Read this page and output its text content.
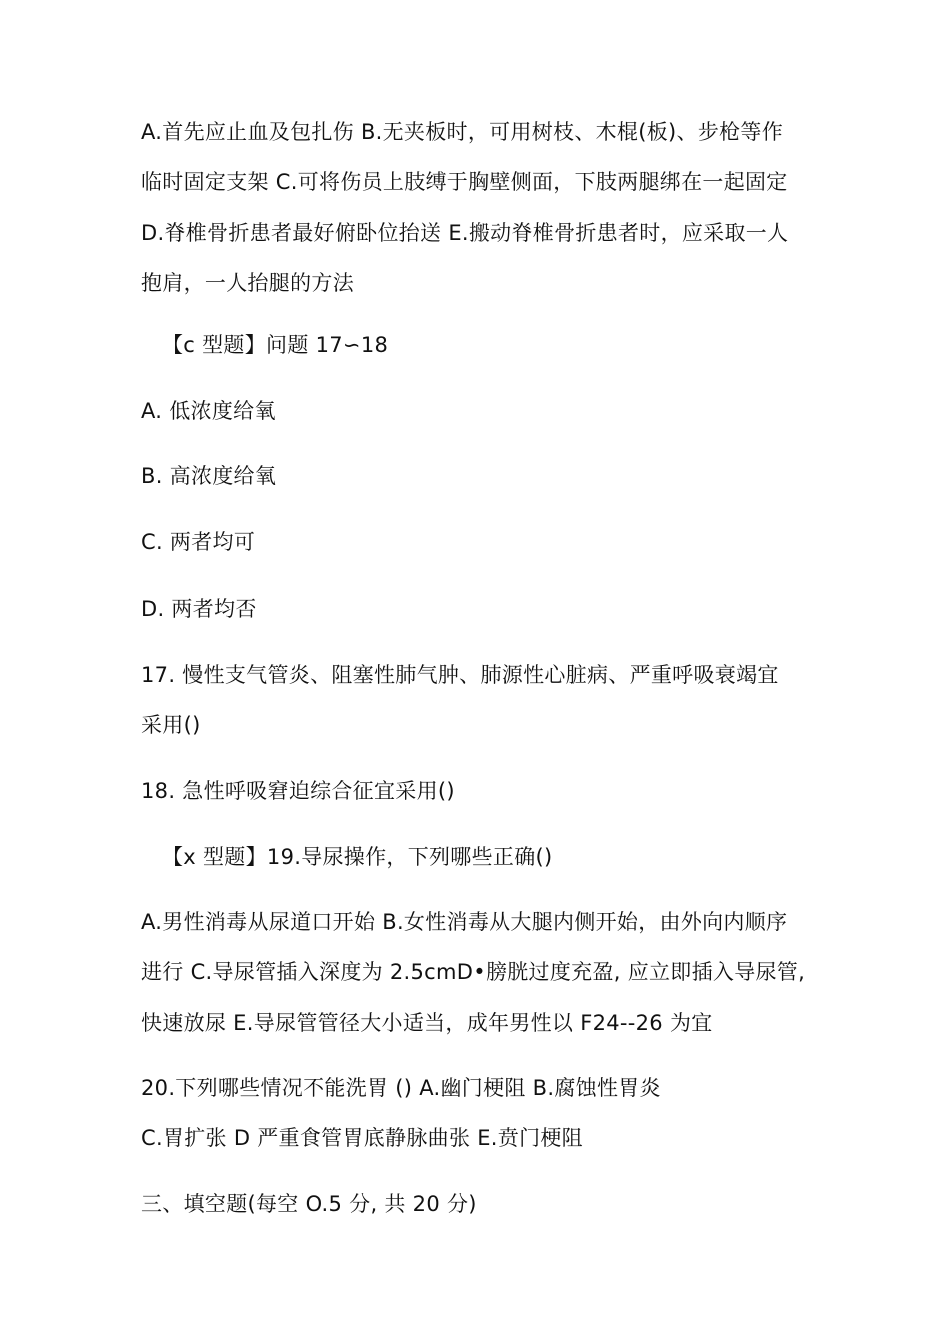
A.首先应止血及包扎伤 B.无夹板时，可用树枝、木棍(板)、步枪等作
临时固定支架 C.可将伤员上肢缚于胸壁侧面，下肢两腿绑在一起固定
D.脊椎骨折患者最好俯卧位抬送 E.搬动脊椎骨折患者时，应采取一人
抱肩，一人抬腿的方法
【c 型题】问题 17∽18
A. 低浓度给氧
B. 高浓度给氧
C. 两者均可
D. 两者均否
17. 慢性支气管炎、阻塞性肺气肿、肺源性心脏病、严重呼吸衰竭宜
采用()
18. 急性呼吸窘迫综合征宜采用()
【x 型题】19.导尿操作，下列哪些正确()
A.男性消毒从尿道口开始 B.女性消毒从大腿内侧开始，由外向内顺序
进行 C.导尿管插入深度为 2.5cmD•膀胱过度充盈, 应立即插入导尿管,
快速放尿 E.导尿管管径大小适当，成年男性以 F24--26 为宜
20.下列哪些情况不能洗胃 () A.幽门梗阻 B.腐蚀性胃炎
C.胃扩张 D 严重食管胃底静脉曲张 E.贲门梗阻
三、填空题(每空 O.5 分, 共 20 分)
